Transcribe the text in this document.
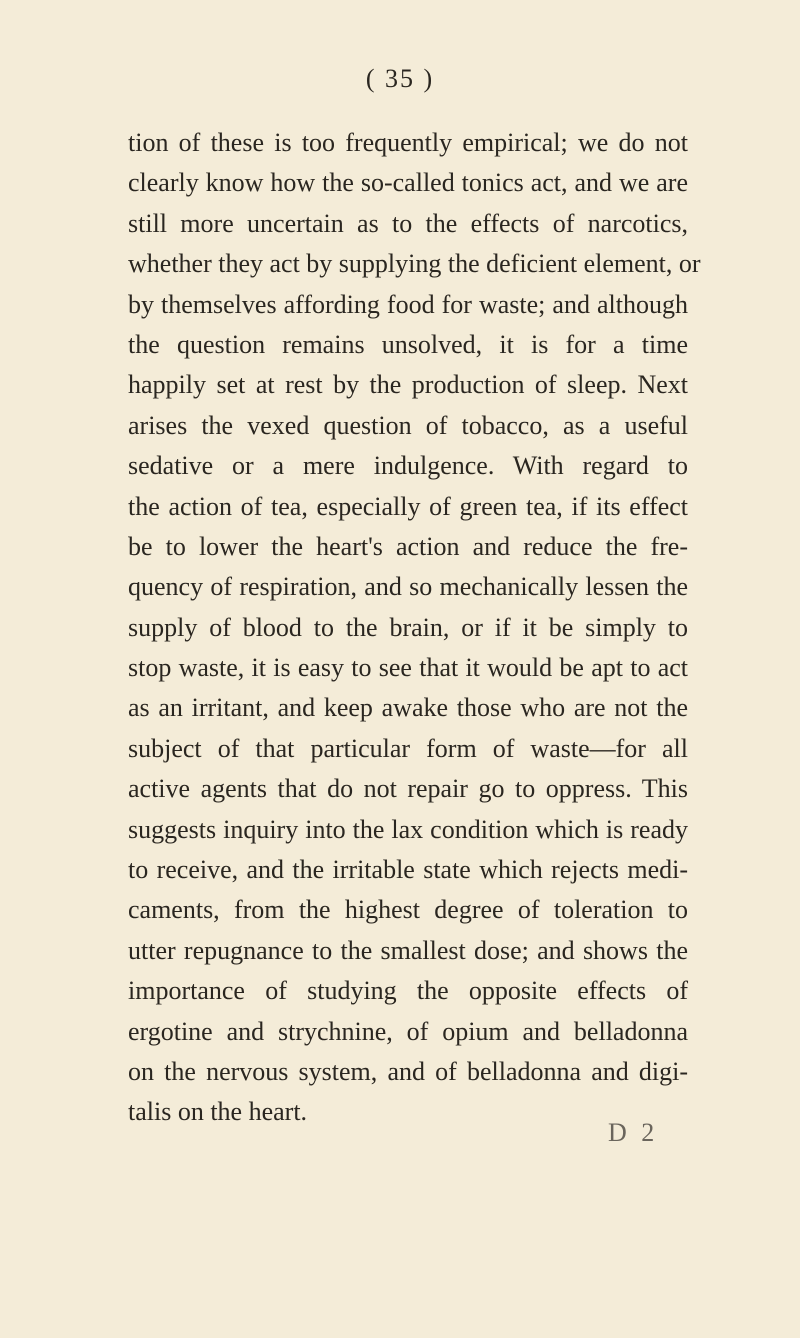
( 35 )
tion of these is too frequently empirical; we do not
clearly know how the so-called tonics act, and we are
still more uncertain as to the effects of narcotics,
whether they act by supplying the deficient element, or
by themselves affording food for waste; and although
the question remains unsolved, it is for a time
happily set at rest by the production of sleep. Next
arises the vexed question of tobacco, as a useful
sedative or a mere indulgence. With regard to
the action of tea, especially of green tea, if its effect
be to lower the heart's action and reduce the fre-
quency of respiration, and so mechanically lessen the
supply of blood to the brain, or if it be simply to
stop waste, it is easy to see that it would be apt to act
as an irritant, and keep awake those who are not the
subject of that particular form of waste—for all
active agents that do not repair go to oppress. This
suggests inquiry into the lax condition which is ready
to receive, and the irritable state which rejects medi-
caments, from the highest degree of toleration to
utter repugnance to the smallest dose; and shows the
importance of studying the opposite effects of
ergotine and strychnine, of opium and belladonna
on the nervous system, and of belladonna and digi-
talis on the heart.
D 2
